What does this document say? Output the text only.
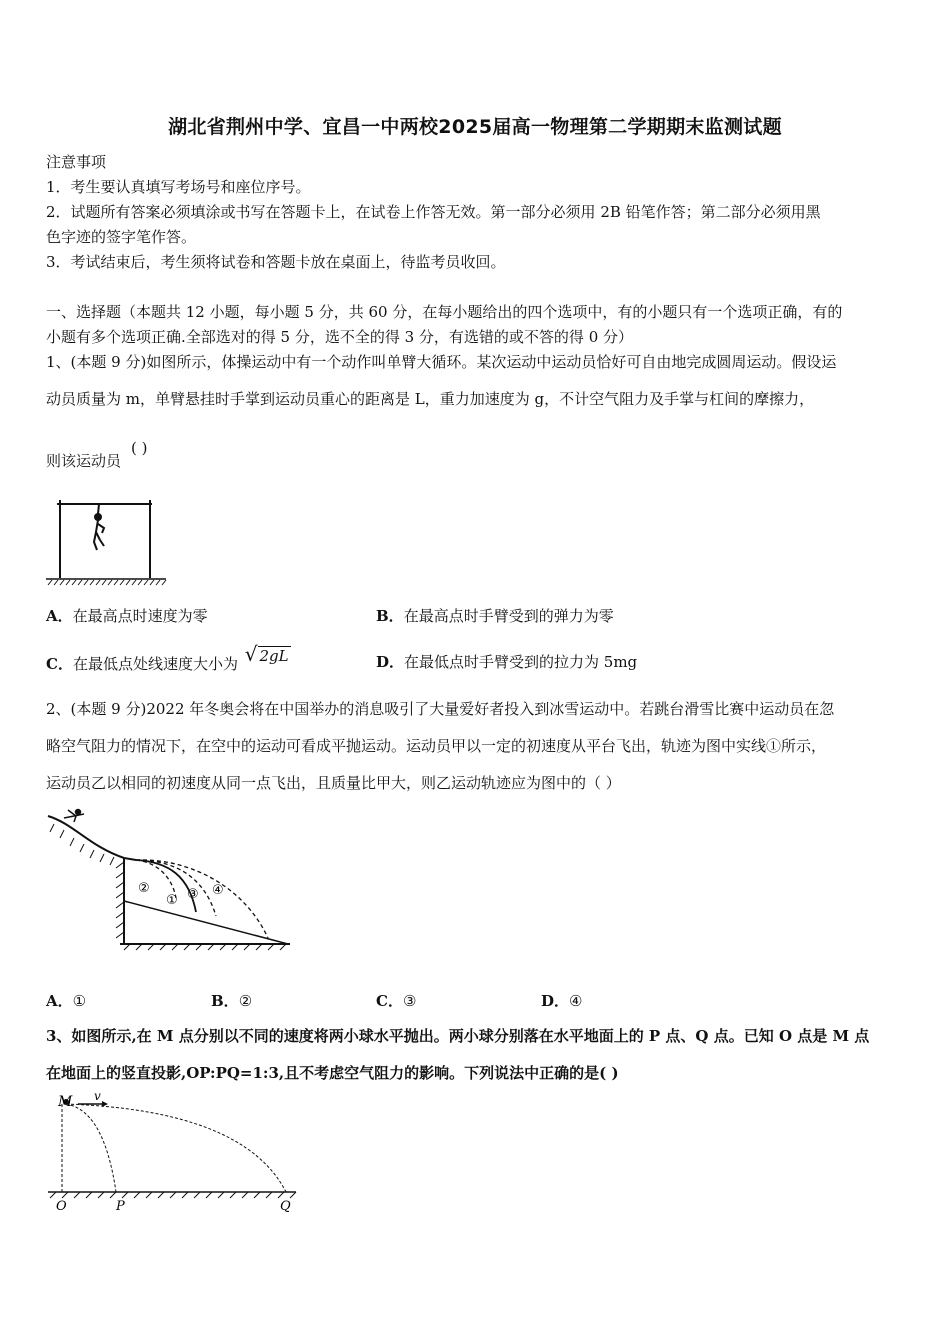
湖北省荆州中学、宜昌一中两校2025届高一物理第二学期期末监测试题
注意事项
1．考生要认真填写考场号和座位序号。
2．试题所有答案必须填涂或书写在答题卡上，在试卷上作答无效。第一部分必须用 2B 铅笔作答；第二部分必须用黑
色字迹的签字笔作答。
3．考试结束后，考生须将试卷和答题卡放在桌面上，待监考员收回。
一、选择题（本题共 12 小题，每小题 5 分，共 60 分，在每小题给出的四个选项中，有的小题只有一个选项正确，有的
小题有多个选项正确.全部选对的得 5 分，选不全的得 3 分，有选错的或不答的得 0 分）
1、(本题 9 分)如图所示，体操运动中有一个动作叫单臂大循环。某次运动中运动员恰好可自由地完成圆周运动。假设运
动员质量为 m，单臂悬挂时手掌到运动员重心的距离是 L，重力加速度为 g，不计空气阻力及手掌与杠间的摩擦力，
则该运动员
( )
A．在最高点时速度为零	B．在最高点时手臂受到的弹力为零
C．在最低点处线速度大小为 √ 2gL	D．在最低点时手臂受到的拉力为 5mg
2、(本题 9 分)2022 年冬奥会将在中国举办的消息吸引了大量爱好者投入到冰雪运动中。若跳台滑雪比赛中运动员在忽
略空气阻力的情况下，在空中的运动可看成平抛运动。运动员甲以一定的初速度从平台飞出，轨迹为图中实线①所示，
运动员乙以相同的初速度从同一点飞出，且质量比甲大，则乙运动轨迹应为图中的（ ）
②
① ③ ④
A．①	B．②	C．③	D．④
3、如图所示,在 M 点分别以不同的速度将两小球水平抛出。两小球分别落在水平地面上的 P 点、Q 点。已知 O 点是 M 点
在地面上的竖直投影,OP:PQ=1:3,且不考虑空气阻力的影响。下列说法中正确的是( )
M v
O	P	Q
